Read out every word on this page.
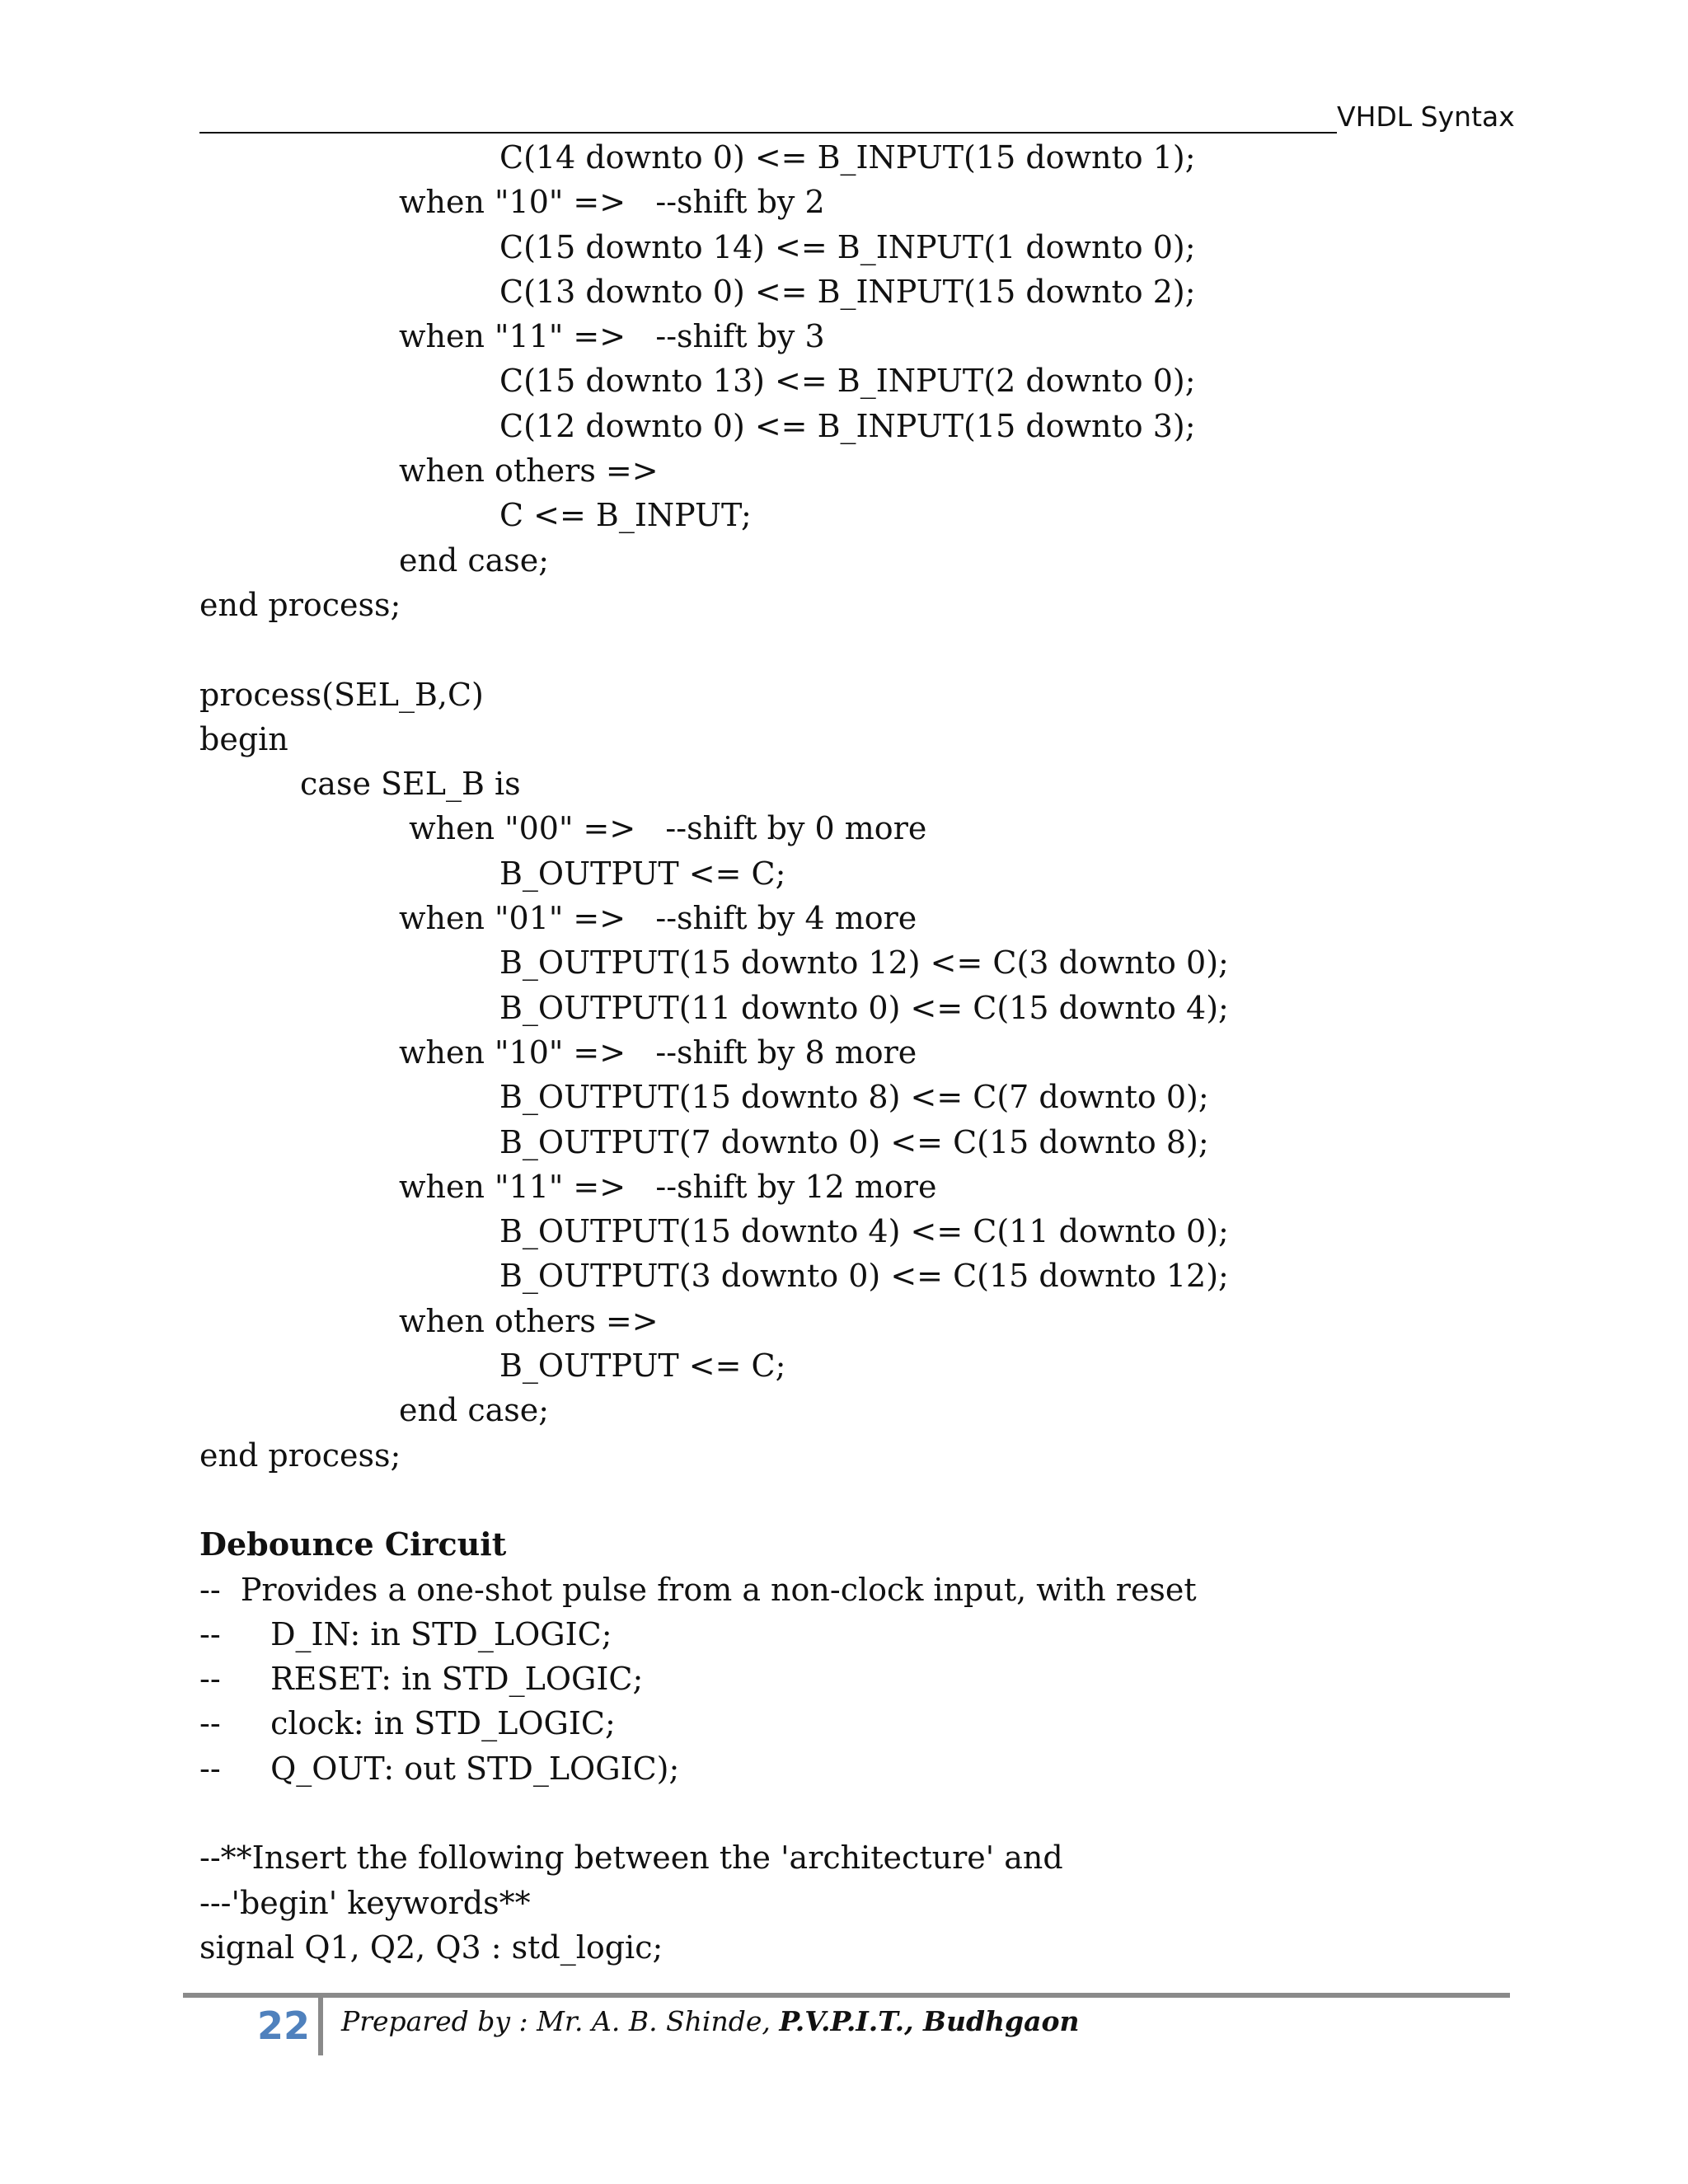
VHDL Syntax
C(14 downto 0) <= B_INPUT(15 downto 1);
when "10" =>   --shift by 2
C(15 downto 14) <= B_INPUT(1 downto 0);
C(13 downto 0) <= B_INPUT(15 downto 2);
when "11" =>   --shift by 3
C(15 downto 13) <= B_INPUT(2 downto 0);
C(12 downto 0) <= B_INPUT(15 downto 3);
when others =>
C <= B_INPUT;
end case;
end process;
process(SEL_B,C)
begin
case SEL_B is
when "00" =>   --shift by 0 more
B_OUTPUT <= C;
when "01" =>   --shift by 4 more
B_OUTPUT(15 downto 12) <= C(3 downto 0);
B_OUTPUT(11 downto 0) <= C(15 downto 4);
when "10" =>   --shift by 8 more
B_OUTPUT(15 downto 8) <= C(7 downto 0);
B_OUTPUT(7 downto 0) <= C(15 downto 8);
when "11" =>   --shift by 12 more
B_OUTPUT(15 downto 4) <= C(11 downto 0);
B_OUTPUT(3 downto 0) <= C(15 downto 12);
when others =>
B_OUTPUT <= C;
end case;
end process;
Debounce Circuit
--  Provides a one-shot pulse from a non-clock input, with reset
--     D_IN: in STD_LOGIC;
--     RESET: in STD_LOGIC;
--     clock: in STD_LOGIC;
--     Q_OUT: out STD_LOGIC);
--**Insert the following between the 'architecture' and
---'begin' keywords**
signal Q1, Q2, Q3 : std_logic;
22 Prepared by : Mr. A. B. Shinde, P.V.P.I.T., Budhgaon
